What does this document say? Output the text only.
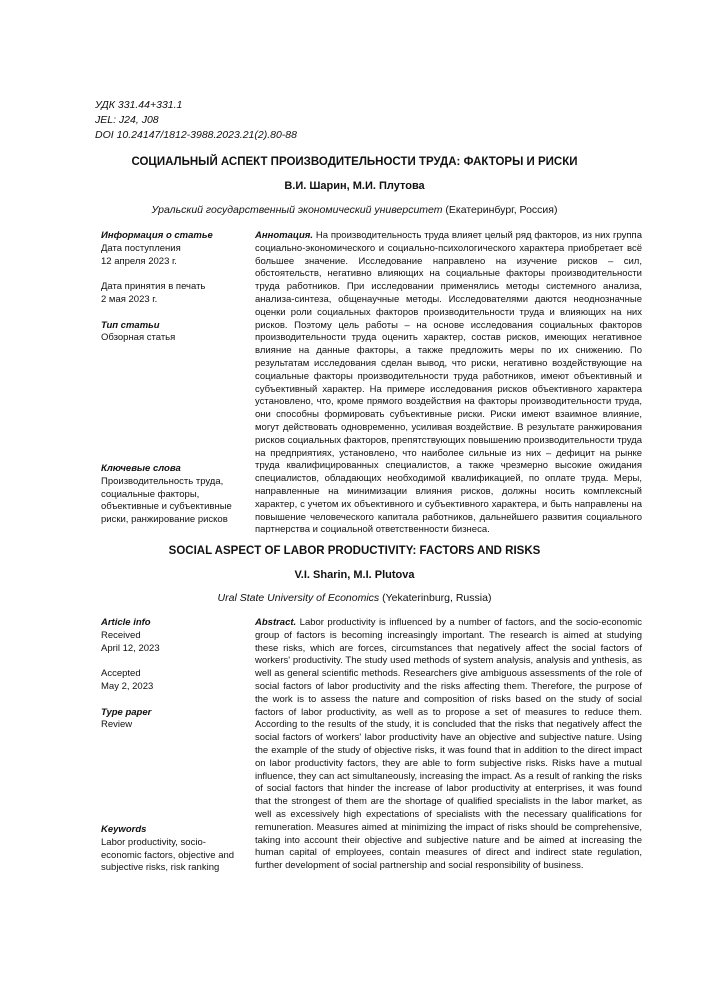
УДК 331.44+331.1
JEL: J24, J08
DOI 10.24147/1812-3988.2023.21(2).80-88
СОЦИАЛЬНЫЙ АСПЕКТ ПРОИЗВОДИТЕЛЬНОСТИ ТРУДА: ФАКТОРЫ И РИСКИ
В.И. Шарин, М.И. Плутова
Уральский государственный экономический университет (Екатеринбург, Россия)
Информация о статье
Дата поступления
12 апреля 2023 г.
Дата принятия в печать
2 мая 2023 г.
Тип статьи
Обзорная статья
Ключевые слова
Производительность труда, социальные факторы, объективные и субъективные риски, ранжирование рисков
Аннотация. На производительность труда влияет целый ряд факторов, из них группа социально-экономического и социально-психологического характера приобретает всё большее значение. Исследование направлено на изучение рисков – сил, обстоятельств, негативно влияющих на социальные факторы производительности труда работников. При исследовании применялись методы системного анализа, анализа-синтеза, общенаучные методы. Исследователями даются неоднозначные оценки роли социальных факторов производительности труда и влияющих на них рисков. Поэтому цель работы – на основе исследования социальных факторов производительности труда оценить характер, состав рисков, имеющих негативное влияние на данные факторы, а также предложить меры по их снижению. По результатам исследования сделан вывод, что риски, негативно воздействующие на социальные факторы производительности труда работников, имеют объективный и субъективный характер. На примере исследования рисков объективного характера установлено, что, кроме прямого воздействия на факторы производительности труда, они способны формировать субъективные риски. Риски имеют взаимное влияние, могут действовать одновременно, усиливая воздействие. В результате ранжирования рисков социальных факторов, препятствующих повышению производительности труда на предприятиях, установлено, что наиболее сильные из них – дефицит на рынке труда квалифицированных специалистов, а также чрезмерно высокие ожидания специалистов, обладающих необходимой квалификацией, по оплате труда. Меры, направленные на минимизации влияния рисков, должны носить комплексный характер, с учетом их объективного и субъективного характера, и быть направлены на повышение человеческого капитала работников, дальнейшего развития социального партнерства и социальной ответственности бизнеса.
SOCIAL ASPECT OF LABOR PRODUCTIVITY: FACTORS AND RISKS
V.I. Sharin, M.I. Plutova
Ural State University of Economics (Yekaterinburg, Russia)
Article info
Received
April 12, 2023
Accepted
May 2, 2023
Type paper
Review
Keywords
Labor productivity, socio-economic factors, objective and subjective risks, risk ranking
Abstract. Labor productivity is influenced by a number of factors, and the socio-economic group of factors is becoming increasingly important. The research is aimed at studying these risks, which are forces, circumstances that negatively affect the social factors of workers' productivity. The study used methods of system analysis, analysis and ynthesis, as well as general scientific methods. Researchers give ambiguous assessments of the role of social factors of labor productivity and the risks affecting them. Therefore, the purpose of the work is to assess the nature and composition of risks based on the study of social factors of labor productivity, as well as to propose a set of measures to reduce them. According to the results of the study, it is concluded that the risks that negatively affect the social factors of workers' labor productivity have an objective and subjective nature. Using the example of the study of objective risks, it was found that in addition to the direct impact on labor productivity factors, they are able to form subjective risks. Risks have a mutual influence, they can act simultaneously, increasing the impact. As a result of ranking the risks of social factors that hinder the increase of labor productivity at enterprises, it was found that the strongest of them are the shortage of qualified specialists in the labor market, as well as excessively high expectations of specialists with the necessary qualifications for remuneration. Measures aimed at minimizing the impact of risks should be comprehensive, taking into account their objective and subjective nature and be aimed at increasing the human capital of employees, contain measures of direct and indirect state regulation, further development of social partnership and social responsibility of business.
